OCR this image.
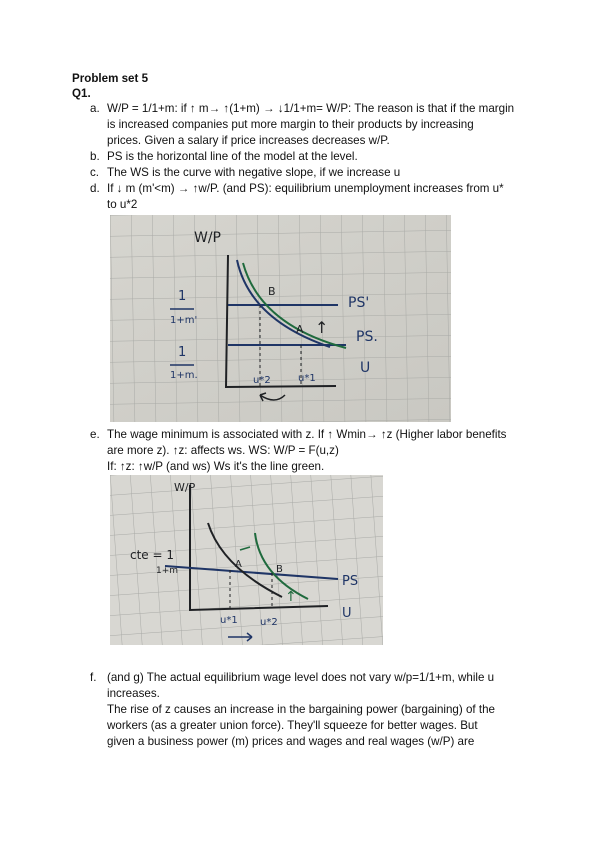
Problem set 5
Q1.
a. W/P = 1/1+m: if ↑ m→ ↑(1+m) → ↓1/1+m= W/P: The reason is that if the margin
is increased companies put more margin to their products by increasing
prices. Given a salary if price increases decreases w/P.
b. PS is the horizontal line of the model at the level.
c. The WS is the curve with negative slope, if we increase u
d. If ↓ m (m'<m) → ↑w/P. (and PS): equilibrium unemployment increases from u*
to u*2
W/P
1
1+m'
1
1+m.
PS'
PS.
U
B
A ↑
u*2	u*1
e. The wage minimum is associated with z. If ↑ Wmin→ ↑z (Higher labor benefits
are more z). ↑z: affects ws. WS: W/P = F(u,z)
If: ↑z: ↑w/P (and ws) Ws it's the line green.
W/P
cte = 1
1+m
PS
U
A	B
↑
u*1 u*2
f. (and g) The actual equilibrium wage level does not vary w/p=1/1+m, while u
increases.
The rise of z causes an increase in the bargaining power (bargaining) of the
workers (as a greater union force). They'll squeeze for better wages. But
given a business power (m) prices and wages and real wages (w/P) are
